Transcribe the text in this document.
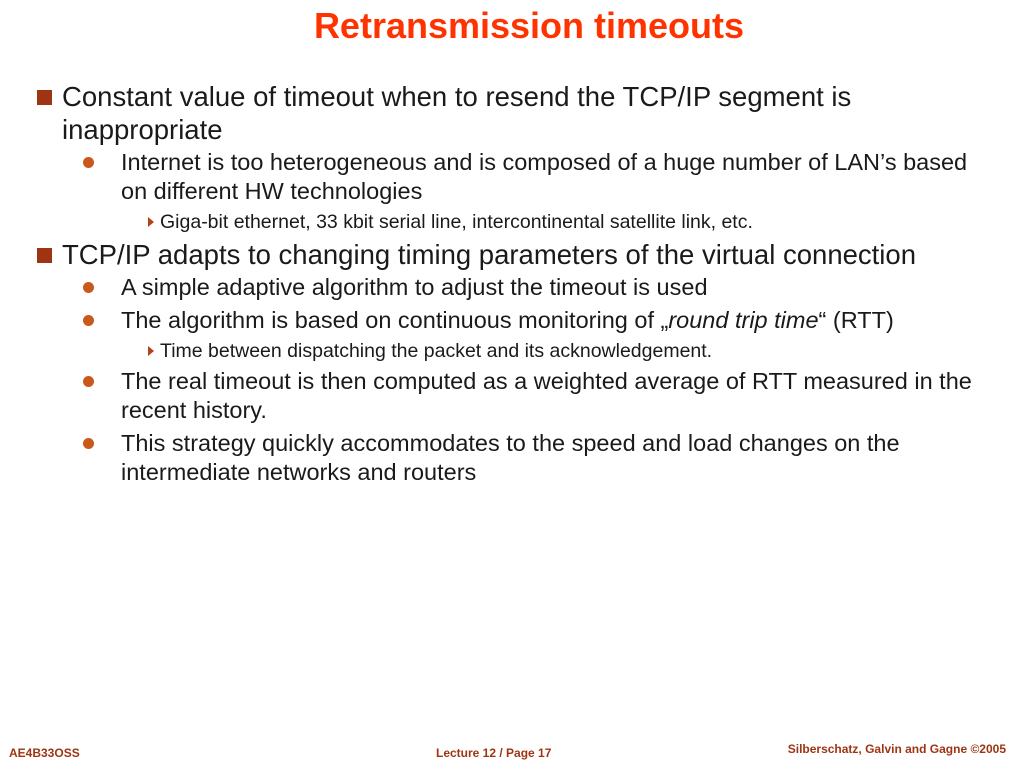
Retransmission timeouts
Constant value of timeout when to resend the TCP/IP segment is inappropriate
Internet is too heterogeneous and is composed of a huge number of LAN’s based on different HW technologies
Giga-bit ethernet, 33 kbit serial line, intercontinental satellite link, etc.
TCP/IP adapts to changing timing parameters of the virtual connection
A simple adaptive algorithm to adjust the timeout is used
The algorithm is based on continuous monitoring of „round trip time“ (RTT)
Time between dispatching the packet and its acknowledgement.
The real timeout is then computed as a weighted average of RTT measured in the recent history.
This strategy quickly accommodates to the speed and load changes on the intermediate networks and routers
AE4B33OSS	Lecture 12 / Page 17	Silberschatz, Galvin and Gagne ©2005
